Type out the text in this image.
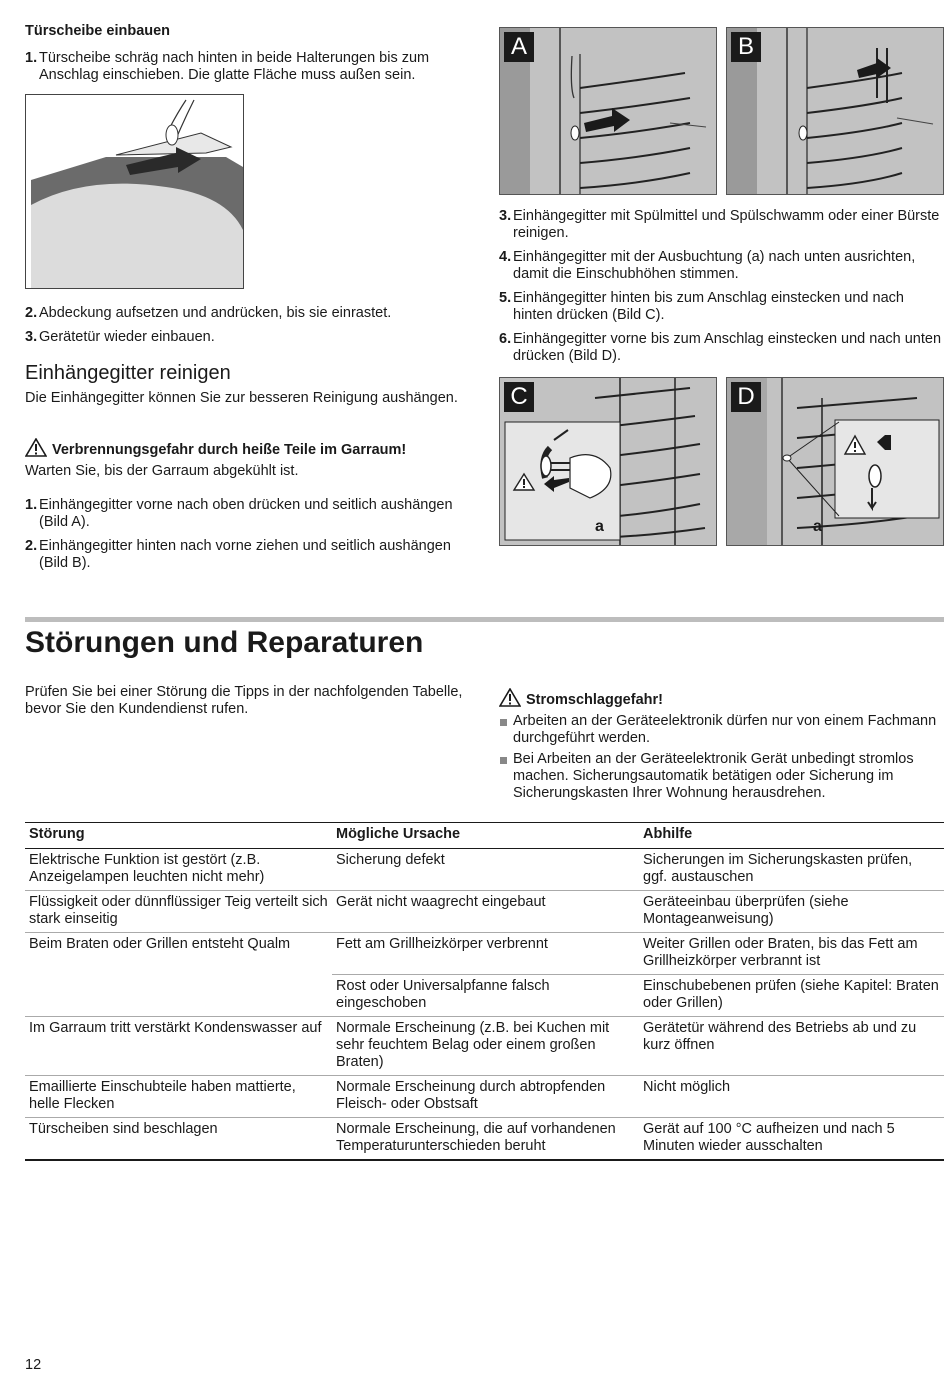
Türscheibe einbauen
1. Türscheibe schräg nach hinten in beide Halterungen bis zum Anschlag einschieben. Die glatte Fläche muss außen sein.
2. Abdeckung aufsetzen und andrücken, bis sie einrastet.
3. Gerätetür wieder einbauen.
Einhängegitter reinigen
Die Einhängegitter können Sie zur besseren Reinigung aushängen.
Verbrennungsgefahr durch heiße Teile im Garraum!
Warten Sie, bis der Garraum abgekühlt ist.
1. Einhängegitter vorne nach oben drücken und seitlich aushängen (Bild A).
2. Einhängegitter hinten nach vorne ziehen und seitlich aushängen (Bild B).
A	B
3. Einhängegitter mit Spülmittel und Spülschwamm oder einer Bürste reinigen.
4. Einhängegitter mit der Ausbuchtung (a) nach unten ausrichten, damit die Einschubhöhen stimmen.
5. Einhängegitter hinten bis zum Anschlag einstecken und nach hinten drücken (Bild C).
6. Einhängegitter vorne bis zum Anschlag einstecken und nach unten drücken (Bild D).
C
a
D
a
Störungen und Reparaturen
Prüfen Sie bei einer Störung die Tipps in der nachfolgenden Tabelle, bevor Sie den Kundendienst rufen.
Stromschlaggefahr!
Arbeiten an der Geräteelektronik dürfen nur von einem Fachmann durchgeführt werden.
Bei Arbeiten an der Geräteelektronik Gerät unbedingt stromlos machen. Sicherungsautomatik betätigen oder Sicherung im Sicherungskasten Ihrer Wohnung herausdrehen.
Störung	Mögliche Ursache	Abhilfe
Elektrische Funktion ist gestört (z.B. Anzeigelampen leuchten nicht mehr)	Sicherung defekt	Sicherungen im Sicherungskasten prüfen, ggf. austauschen
Flüssigkeit oder dünnflüssiger Teig verteilt sich stark einseitig	Gerät nicht waagrecht eingebaut	Geräteeinbau überprüfen (siehe Montageanweisung)
Beim Braten oder Grillen entsteht Qualm	Fett am Grillheizkörper verbrennt	Weiter Grillen oder Braten, bis das Fett am Grillheizkörper verbrannt ist
	Rost oder Universalpfanne falsch eingeschoben	Einschubebenen prüfen (siehe Kapitel: Braten oder Grillen)
Im Garraum tritt verstärkt Kondenswasser auf	Normale Erscheinung (z.B. bei Kuchen mit sehr feuchtem Belag oder einem großen Braten)	Gerätetür während des Betriebs ab und zu kurz öffnen
Emaillierte Einschubteile haben mattierte, helle Flecken	Normale Erscheinung durch abtropfenden Fleisch- oder Obstsaft	Nicht möglich
Türscheiben sind beschlagen	Normale Erscheinung, die auf vorhandenen Temperaturunterschieden beruht	Gerät auf 100 °C aufheizen und nach 5 Minuten wieder ausschalten
12
